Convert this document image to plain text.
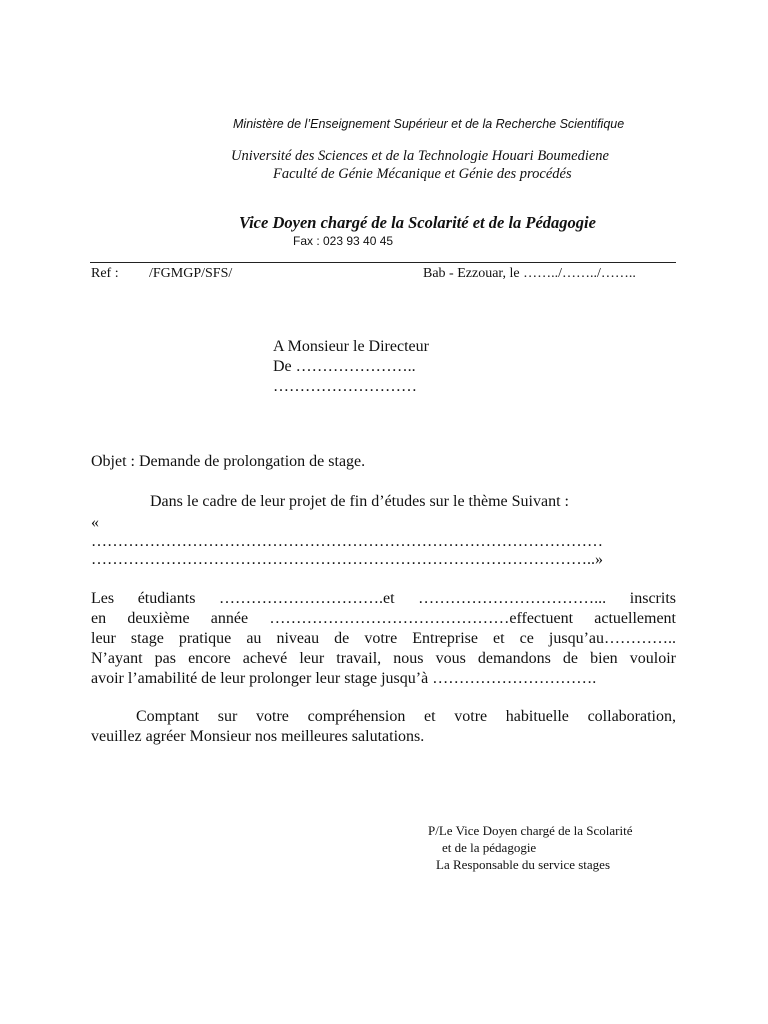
Ministère de l’Enseignement Supérieur et de la Recherche Scientifique
Université des Sciences et de la Technologie Houari Boumediene
Faculté de Génie Mécanique et Génie des procédés
Vice Doyen chargé de la Scolarité et de la Pédagogie
Fax : 023 93 40 45
Ref : /FGMGP/SFS/	Bab - Ezzouar, le ……../……../……..
A Monsieur le Directeur
De …………………..
………………………
Objet : Demande de prolongation de stage.
Dans le cadre de leur projet de fin d’études sur le thème Suivant :
«
……………………………………………………………………………………
…………………………………………………………………………………..»
Les étudiants ………………………….et ……………………………... inscrits
en deuxième année ………………………………………effectuent actuellement
leur stage pratique au niveau de votre Entreprise et ce jusqu’au…………..
N’ayant pas encore achevé leur travail, nous vous demandons de bien vouloir
avoir l’amabilité de leur prolonger leur stage jusqu’à ………………………….
Comptant sur votre compréhension et votre habituelle collaboration,
veuillez agréer Monsieur nos meilleures salutations.
P/Le Vice Doyen chargé de la Scolarité
et de la pédagogie
La Responsable du service stages
